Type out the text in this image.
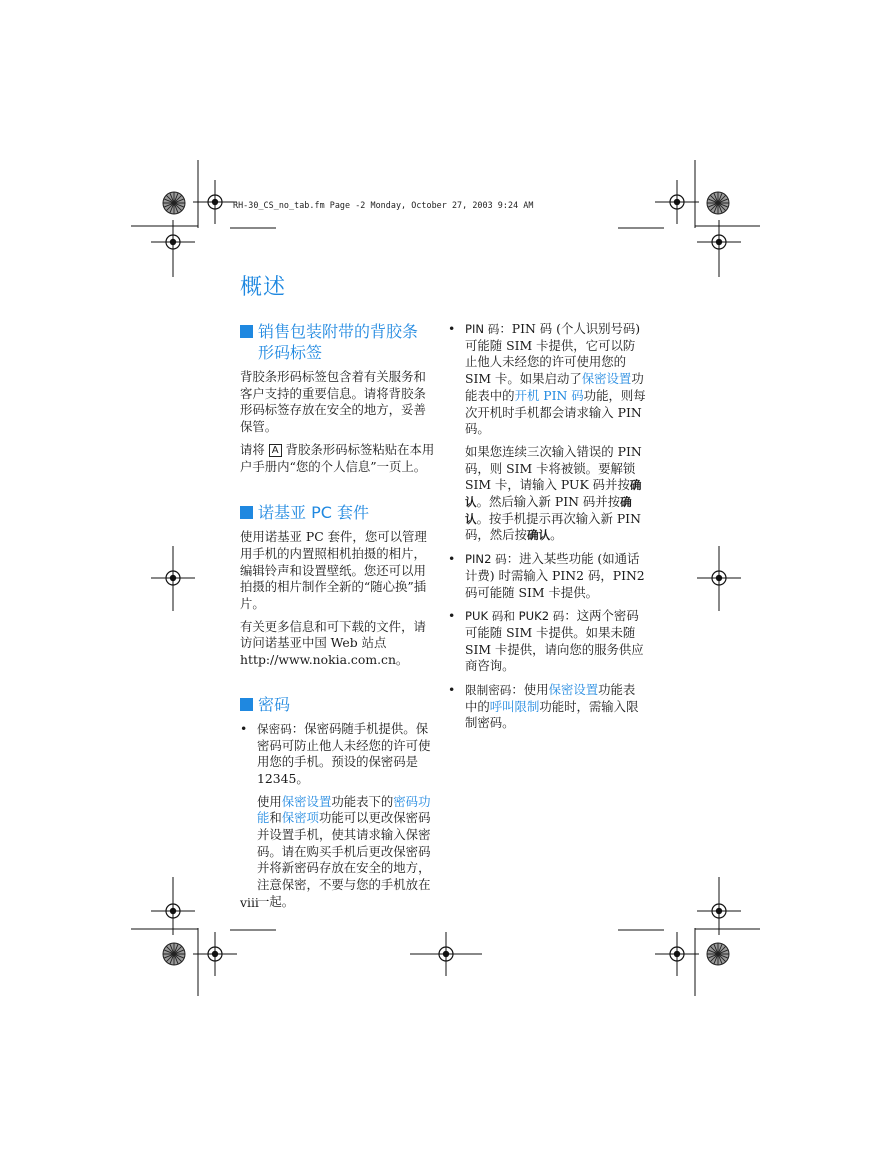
RH-30_CS_no_tab.fm Page -2 Monday, October 27, 2003 9:24 AM
概述
销售包装附带的背胶条
形码标签

背胶条形码标签包含着有关服务和客户支持的重要信息。请将背胶条形码标签存放在安全的地方，妥善保管。

请将 A 背胶条形码标签粘贴在本用户手册内“您的个人信息”一页上。

诺基亚 PC 套件

使用诺基亚 PC 套件，您可以管理用手机的内置照相机拍摄的相片，编辑铃声和设置壁纸。您还可以用拍摄的相片制作全新的“随心换”插片。

有关更多信息和可下载的文件，请访问诺基亚中国 Web 站点 http://www.nokia.com.cn。

密码

• 保密码：保密码随手机提供。保密码可防止他人未经您的许可使用您的手机。预设的保密码是 12345。

使用保密设置功能表下的密码功能和保密项功能可以更改保密码并设置手机，使其请求输入保密码。请在购买手机后更改保密码并将新密码存放在安全的地方，注意保密，不要与您的手机放在一起。

• PIN 码：PIN 码 (个人识别号码) 可能随 SIM 卡提供，它可以防止他人未经您的许可使用您的 SIM 卡。如果启动了保密设置功能表中的开机 PIN 码功能，则每次开机时手机都会请求输入 PIN 码。

如果您连续三次输入错误的 PIN 码，则 SIM 卡将被锁。要解锁 SIM 卡，请输入 PUK 码并按确认。然后输入新 PIN 码并按确认。按手机提示再次输入新 PIN 码，然后按确认。

• PIN2 码：进入某些功能 (如通话计费) 时需输入 PIN2 码，PIN2 码可能随 SIM 卡提供。

• PUK 码和 PUK2 码：这两个密码可能随 SIM 卡提供。如果未随 SIM 卡提供，请向您的服务供应商咨询。

• 限制密码：使用保密设置功能表中的呼叫限制功能时，需输入限制密码。

viii
